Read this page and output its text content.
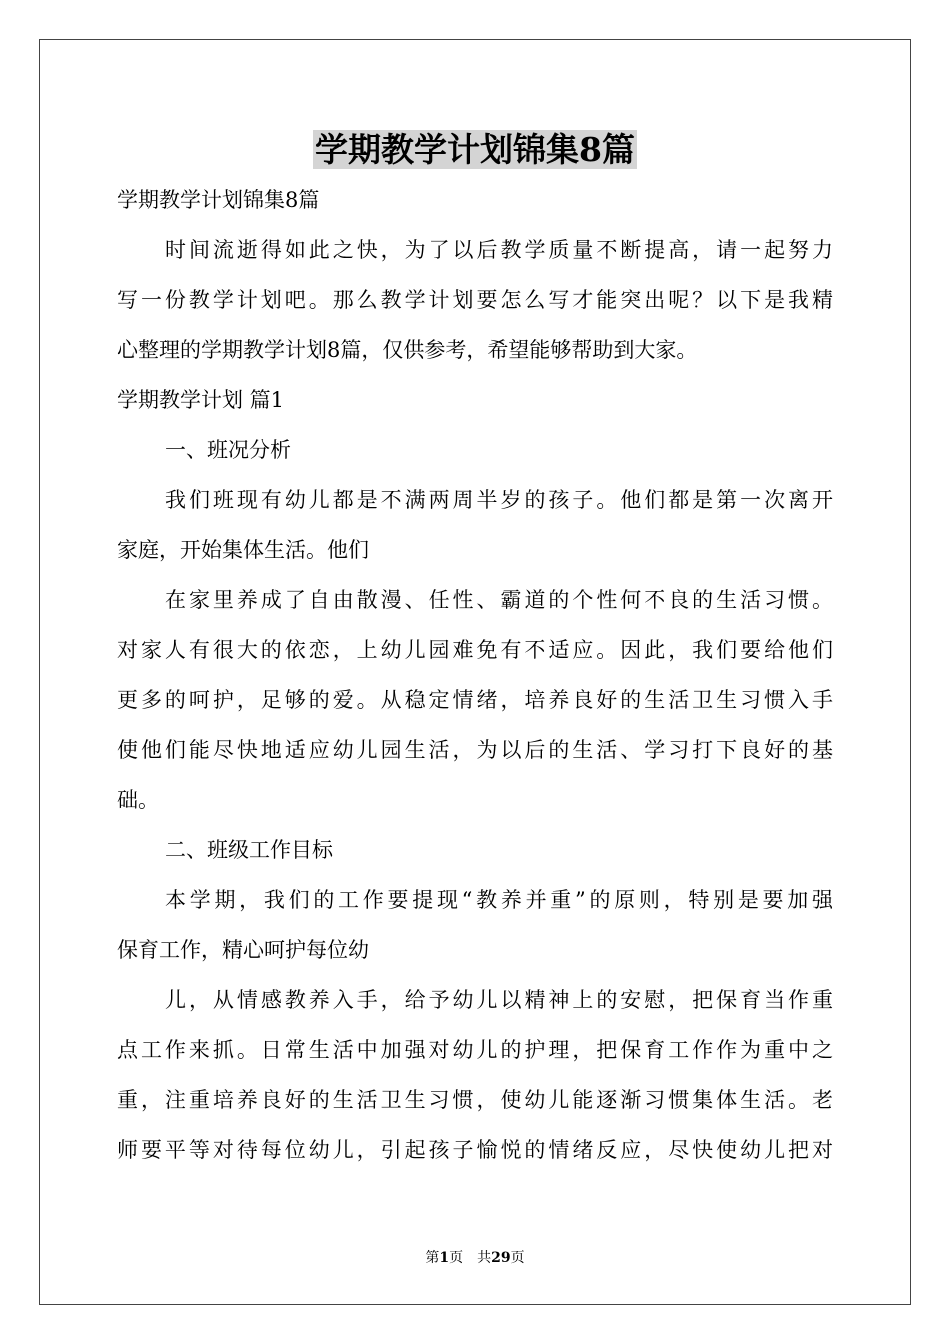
学期教学计划锦集8篇
学期教学计划锦集8篇
时间流逝得如此之快，为了以后教学质量不断提高，请一起努力
写一份教学计划吧。那么教学计划要怎么写才能突出呢？以下是我精
心整理的学期教学计划8篇，仅供参考，希望能够帮助到大家。
学期教学计划 篇1
一、班况分析
我们班现有幼儿都是不满两周半岁的孩子。他们都是第一次离开
家庭，开始集体生活。他们
在家里养成了自由散漫、任性、霸道的个性何不良的生活习惯。
对家人有很大的依恋，上幼儿园难免有不适应。因此，我们要给他们
更多的呵护，足够的爱。从稳定情绪，培养良好的生活卫生习惯入手
使他们能尽快地适应幼儿园生活，为以后的生活、学习打下良好的基
础。
二、班级工作目标
本学期，我们的工作要提现“教养并重”的原则，特别是要加强
保育工作，精心呵护每位幼
儿，从情感教养入手，给予幼儿以精神上的安慰，把保育当作重
点工作来抓。日常生活中加强对幼儿的护理，把保育工作作为重中之
重，注重培养良好的生活卫生习惯，使幼儿能逐渐习惯集体生活。老
师要平等对待每位幼儿，引起孩子愉悦的情绪反应，尽快使幼儿把对
第1页　共29页
